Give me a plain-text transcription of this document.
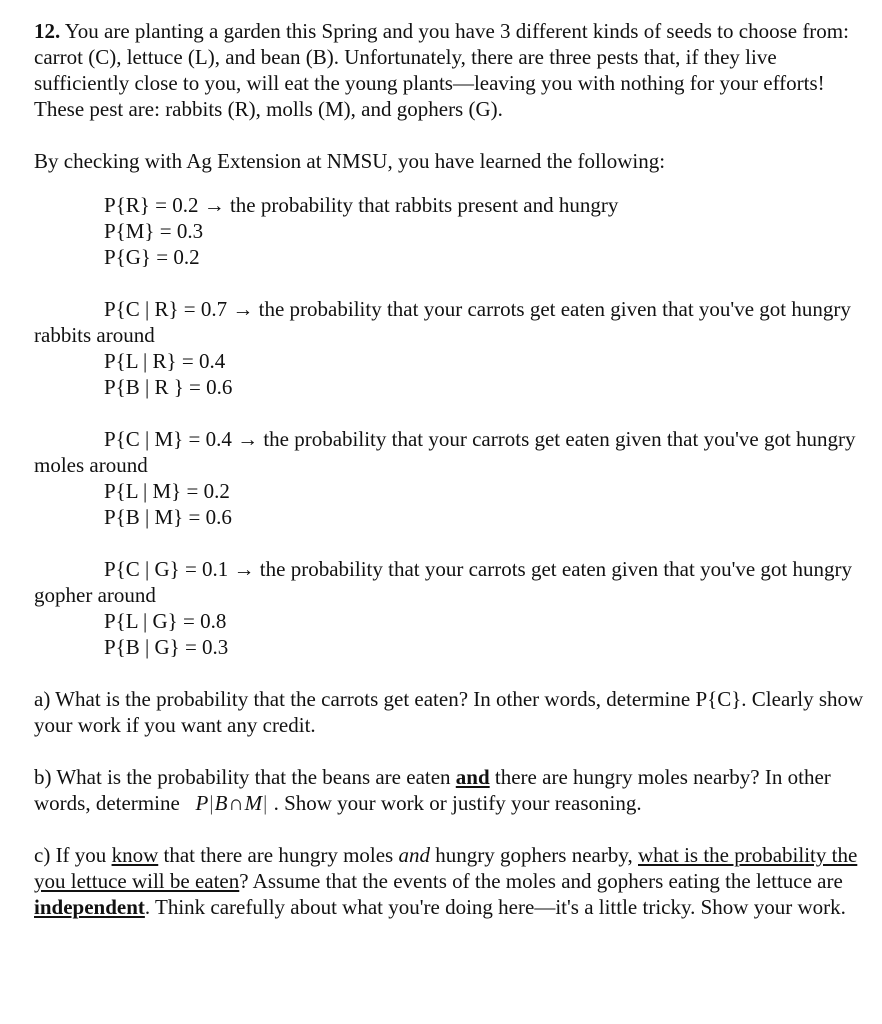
12. You are planting a garden this Spring and you have 3 different kinds of seeds to choose from: carrot (C), lettuce (L), and bean (B). Unfortunately, there are three pests that, if they live sufficiently close to you, will eat the young plants—leaving you with nothing for your efforts! These pest are: rabbits (R), molls (M), and gophers (G).

By checking with Ag Extension at NMSU, you have learned the following:

P{R} = 0.2 → the probability that rabbits present and hungry

P{M} = 0.3

P{G} = 0.2

P{C | R} = 0.7 → the probability that your carrots get eaten given that you've got hungry rabbits around

P{L | R} = 0.4

P{B | R } = 0.6

P{C | M} = 0.4 → the probability that your carrots get eaten given that you've got hungry moles around

P{L | M} = 0.2

P{B | M} = 0.6

P{C | G} = 0.1 → the probability that your carrots get eaten given that you've got hungry gopher around

P{L | G} = 0.8

P{B | G} = 0.3

a) What is the probability that the carrots get eaten? In other words, determine P{C}. Clearly show your work if you want any credit.

b) What is the probability that the beans are eaten and there are hungry moles nearby? In other words, determine   P|B∩M| . Show your work or justify your reasoning.

c) If you know that there are hungry moles and hungry gophers nearby, what is the probability the you lettuce will be eaten? Assume that the events of the moles and gophers eating the lettuce are independent. Think carefully about what you're doing here—it's a little tricky. Show your work.
